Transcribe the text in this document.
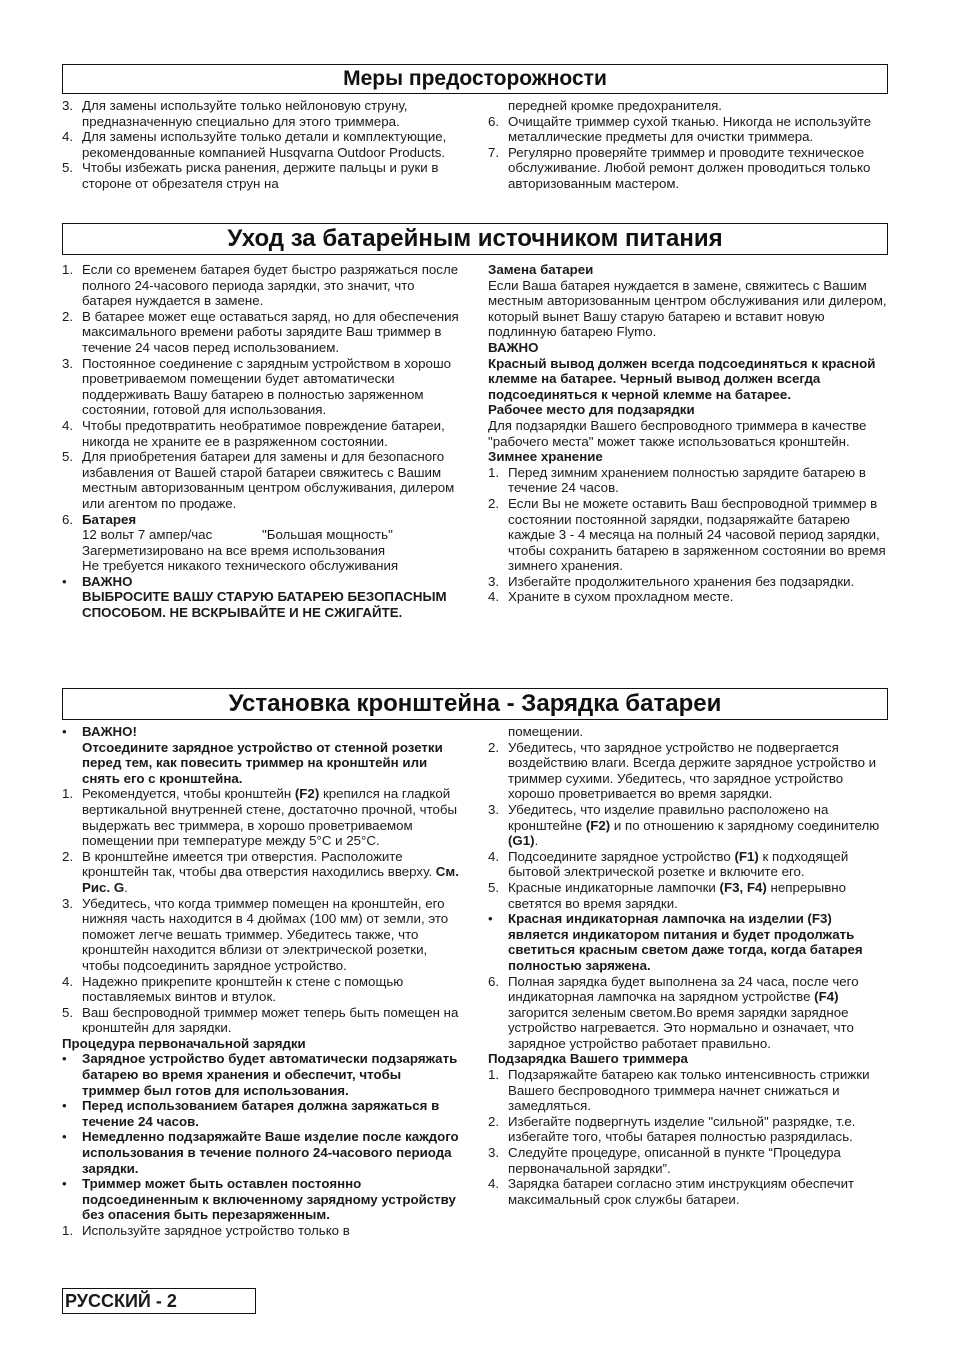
Меры предосторожности
3. Для замены используйте только нейлоновую струну, предназначенную специально для этого триммера.
4. Для замены используйте только детали и комплектующие, рекомендованные компанией Husqvarna Outdoor Products.
5. Чтобы избежать риска ранения, держите пальцы и руки в стороне от обрезателя струн на
передней кромке предохранителя.
6. Очищайте триммер сухой тканью. Никогда не используйте металлические предметы для очистки триммера.
7. Регулярно проверяйте триммер и проводите техническое обслуживание. Любой ремонт должен проводиться только авторизованным мастером.
Уход за батарейным источником питания
1. Если со временем батарея будет быстро разряжаться после полного 24-часового периода зарядки, это значит, что батарея нуждается в замене.
2. В батарее может еще оставаться заряд, но для обеспечения максимального времени работы зарядите Ваш триммер в течение 24 часов перед использованием.
3. Постоянное соединение с зарядным устройством в хорошо проветриваемом помещении будет автоматически поддерживать Вашу батарею в полностью заряженном состоянии, готовой для использования.
4. Чтобы предотвратить необратимое повреждение батареи, никогда не храните ее в разряженном состоянии.
5. Для приобретения батареи для замены и для безопасного избавления от Вашей старой батареи свяжитесь с Вашим местным авторизованным центром обслуживания, дилером или агентом по продаже.
6. Батарея
12 вольт 7 ампер/час	"Большая мощность"
Загерметизировано на все время использования
Не требуется никакого технического обслуживания
•	ВАЖНО
ВЫБРОСИТЕ ВАШУ СТАРУЮ БАТАРЕЮ БЕЗОПАСНЫМ СПОСОБОМ. НЕ ВСКРЫВАЙТЕ И НЕ СЖИГАЙТЕ.
Замена батареи
Если Ваша батарея нуждается в замене, свяжитесь с Вашим местным авторизованным центром обслуживания или дилером, который вынет Вашу старую батарею и вставит новую подлинную батарею Flymo.
ВАЖНО
Красный вывод должен всегда подсоединяться к красной клемме на батарее. Черный вывод должен всегда подсоединяться к черной клемме на батарее.
Рабочее место для подзарядки
Для подзарядки Вашего беспроводного триммера в качестве "рабочего места" может также использоваться кронштейн.
Зимнее хранение
1. Перед зимним хранением полностью зарядите батарею в течение 24 часов.
2. Если Вы не можете оставить Ваш беспроводной триммер в состоянии постоянной зарядки, подзаряжайте батарею каждые 3 - 4 месяца на полный 24 часовой период зарядки, чтобы сохранить батарею в заряженном состоянии во время зимнего хранения.
3. Избегайте продолжительного хранения без подзарядки.
4. Храните в сухом прохладном месте.
Установка кронштейна - Зарядка батареи
•	ВАЖНО!
Отсоедините зарядное устройство от стенной розетки перед тем, как повесить триммер на кронштейн или снять его с кронштейна.
1. Рекомендуется, чтобы кронштейн (F2) крепился на гладкой вертикальной внутренней стене, достаточно прочной, чтобы выдержать вес триммера, в хорошо проветриваемом помещении при температуре между 5°C и 25°C.
2. В кронштейне имеется три отверстия. Расположите кронштейн так, чтобы два отверстия находились вверху. См. Рис. G.
3. Убедитесь, что когда триммер помещен на кронштейн, его нижняя часть находится в 4 дюймах (100 мм) от земли, это поможет легче вешать триммер. Убедитесь также, что кронштейн находится вблизи от электрической розетки, чтобы подсоединить зарядное устройство.
4. Надежно прикрепите кронштейн к стене с помощью поставляемых винтов и втулок.
5. Ваш беспроводной триммер может теперь быть помещен на кронштейн для зарядки.
Процедура первоначальной зарядки
•	Зарядное устройство будет автоматически подзаряжать батарею во время хранения и обеспечит, чтобы триммер был готов для использования.
•	Перед использованием батарея должна заряжаться в течение 24 часов.
•	Немедленно подзаряжайте Ваше изделие после каждого использования в течение полного 24-часового периода зарядки.
•	Триммер может быть оставлен постоянно подсоединенным к включенному зарядному устройству без опасения быть перезаряженным.
1. Используйте зарядное устройство только в
помещении.
2. Убедитесь, что зарядное устройство не подвергается воздействию влаги. Всегда держите зарядное устройство и триммер сухими. Убедитесь, что зарядное устройство хорошо проветривается во время зарядки.
3. Убедитесь, что изделие правильно расположено на кронштейне (F2) и по отношению к зарядному соединителю (G1).
4. Подсоедините зарядное устройство (F1) к подходящей бытовой электрической розетке и включите его.
5. Красные индикаторные лампочки (F3, F4) непрерывно светятся во время зарядки.
•	Красная индикаторная лампочка на изделии (F3) является индикатором питания и будет продолжать светиться красным светом даже тогда, когда батарея полностью заряжена.
6. Полная зарядка будет выполнена за 24 часа, после чего индикаторная лампочка на зарядном устройстве (F4) загорится зеленым светом.Во время зарядки зарядное устройство нагревается. Это нормально и означает, что зарядное устройство работает правильно.
Подзарядка Вашего триммера
1. Подзаряжайте батарею как только интенсивность стрижки Вашего беспроводного триммера начнет снижаться и замедляться.
2. Избегайте подвергнуть изделие "сильной" разрядке, т.е. избегайте того, чтобы батарея полностью разрядилась.
3. Следуйте процедуре, описанной в пункте “Процедура первоначальной зарядки”.
4. Зарядка батареи согласно этим инструкциям обеспечит максимальный срок службы батареи.
РУССКИЙ - 2
